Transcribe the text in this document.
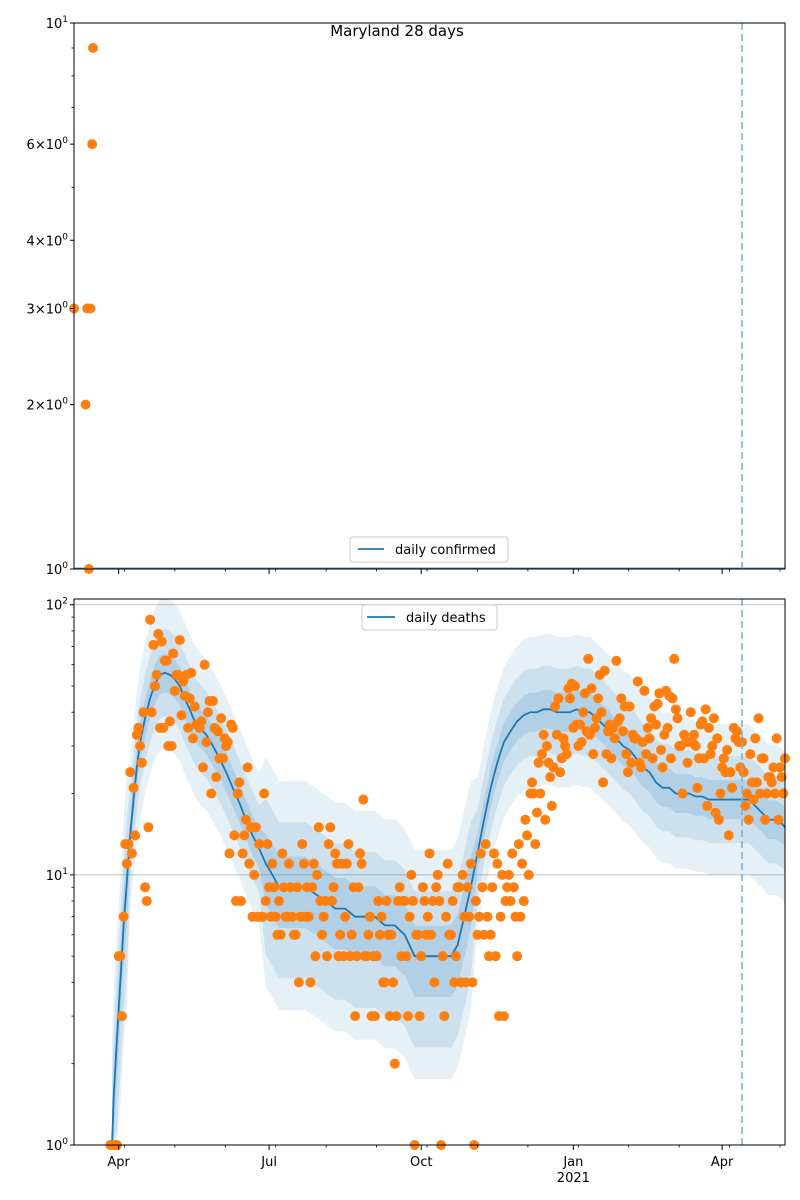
$10^0$
$2\times 10^0$
$3\times 10^0$
$4\times 10^0$
$6\times 10^0$
$10^1$
Maryland 28 days
daily confirmed
$10^0$
$10^1$
$10^2$
Apr	Jul	Oct	Jan
2021
Apr
daily deaths
